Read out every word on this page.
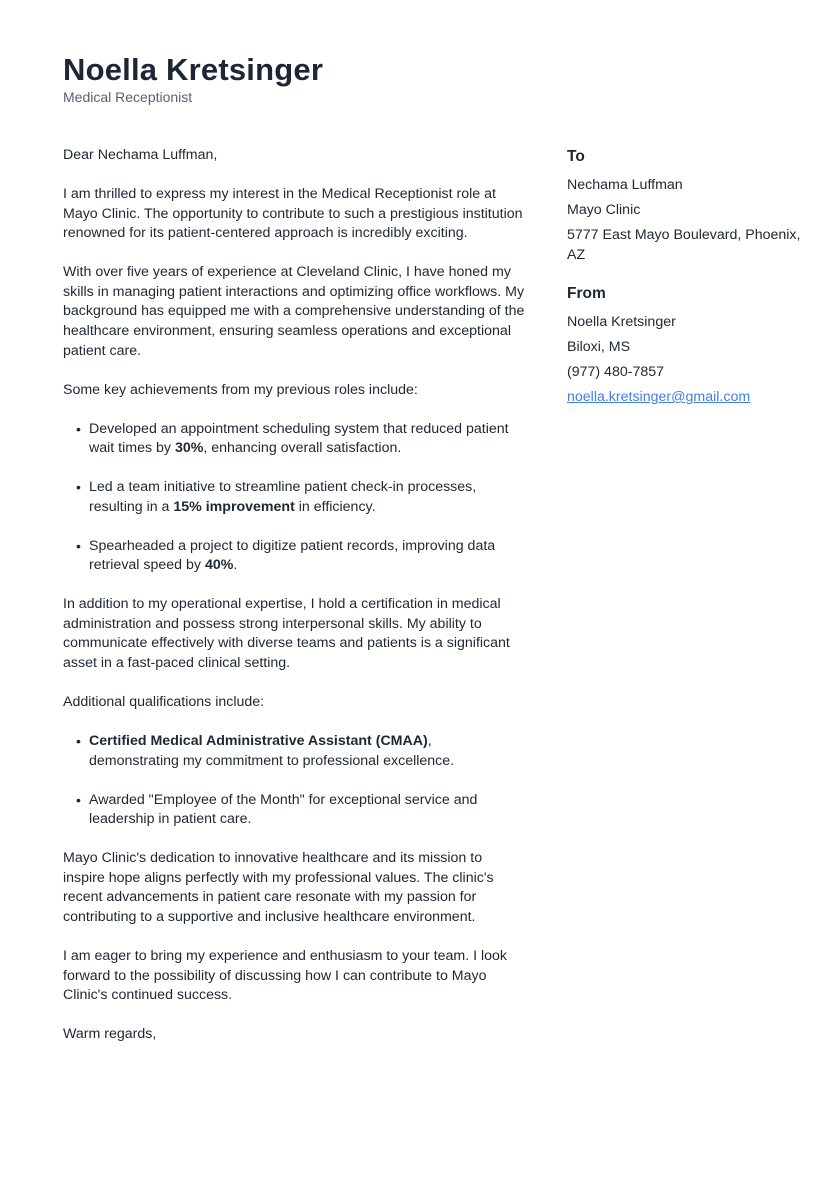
Noella Kretsinger
Medical Receptionist

Dear Nechama Luffman,

I am thrilled to express my interest in the Medical Receptionist role at Mayo Clinic. The opportunity to contribute to such a prestigious institution renowned for its patient-centered approach is incredibly exciting.

With over five years of experience at Cleveland Clinic, I have honed my skills in managing patient interactions and optimizing office workflows. My background has equipped me with a comprehensive understanding of the healthcare environment, ensuring seamless operations and exceptional patient care.

Some key achievements from my previous roles include:

• Developed an appointment scheduling system that reduced patient wait times by 30%, enhancing overall satisfaction.
• Led a team initiative to streamline patient check-in processes, resulting in a 15% improvement in efficiency.
• Spearheaded a project to digitize patient records, improving data retrieval speed by 40%.

In addition to my operational expertise, I hold a certification in medical administration and possess strong interpersonal skills. My ability to communicate effectively with diverse teams and patients is a significant asset in a fast-paced clinical setting.

Additional qualifications include:

• Certified Medical Administrative Assistant (CMAA), demonstrating my commitment to professional excellence.
• Awarded "Employee of the Month" for exceptional service and leadership in patient care.

Mayo Clinic's dedication to innovative healthcare and its mission to inspire hope aligns perfectly with my professional values. The clinic's recent advancements in patient care resonate with my passion for contributing to a supportive and inclusive healthcare environment.

I am eager to bring my experience and enthusiasm to your team. I look forward to the possibility of discussing how I can contribute to Mayo Clinic's continued success.

Warm regards,

To
Nechama Luffman
Mayo Clinic
5777 East Mayo Boulevard, Phoenix, AZ
From
Noella Kretsinger
Biloxi, MS
(977) 480-7857
noella.kretsinger@gmail.com
